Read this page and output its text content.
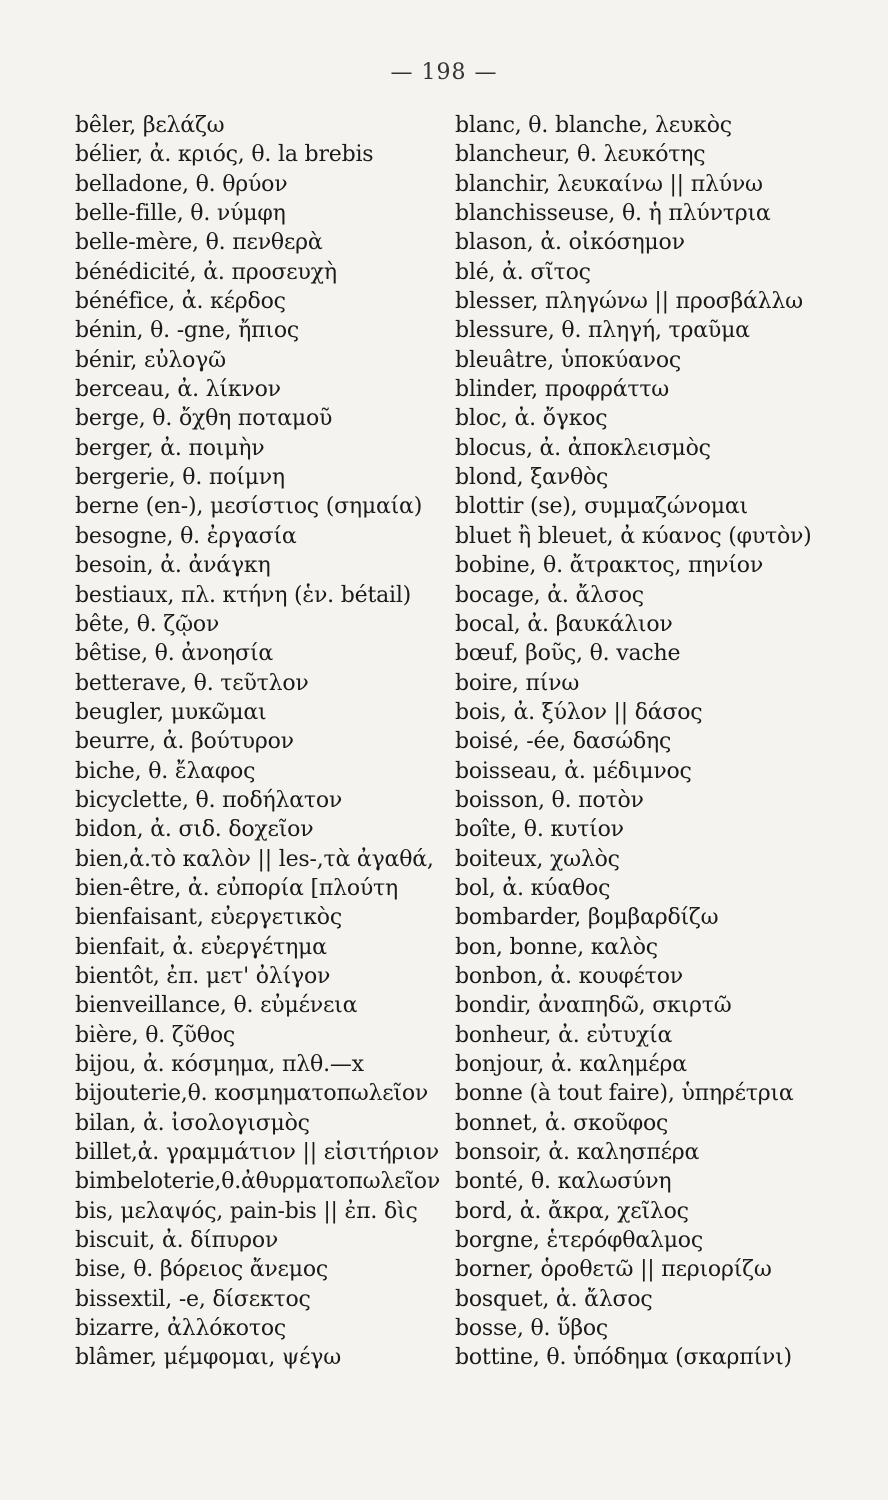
— 198 —
bêler, βελάζω
bélier, ἀ. κριός, θ. la brebis
belladone, θ. θρύον
belle-fille, θ. νύμφη
belle-mère, θ. πενθερὰ
bénédicité, ἀ. προσευχὴ
bénéfice, ἀ. κέρδος
bénin, θ. -gne, ἤπιος
bénir, εὐλογῶ
berceau, ἀ. λίκνον
berge, θ. ὄχθη ποταμοῦ
berger, ἀ. ποιμὴν
bergerie, θ. ποίμνη
berne (en-), μεσίστιος (σημαία)
besogne, θ. ἐργασία
besoin, ἀ. ἀνάγκη
bestiaux, πλ. κτήνη (ἑν. bétail)
bête, θ. ζῷον
bêtise, θ. ἀνοησία
betterave, θ. τεῦτλον
beugler, μυκῶμαι
beurre, ἀ. βούτυρον
biche, θ. ἔλαφος
bicyclette, θ. ποδήλατον
bidon, ἀ. σιδ. δοχεῖον
bien,ἀ.τὸ καλὸν || les-,τὰ ἀγαθά,
bien-être, ἀ. εὐπορία [πλούτη
bienfaisant, εὐεργετικὸς
bienfait, ἀ. εὐεργέτημα
bientôt, ἐπ. μετ' ὀλίγον
bienveillance, θ. εὐμένεια
bière, θ. ζῦθος
bijou, ἀ. κόσμημα, πλθ.—x
bijouterie,θ. κοσμηματοπωλεῖον
bilan, ἀ. ἰσολογισμὸς
billet,ἀ. γραμμάτιον || εἰσιτήριον
bimbeloterie,θ.ἀθυρματοπωλεῖον
bis, μελαψός, pain-bis || ἐπ. δὶς
biscuit, ἀ. δίπυρον
bise, θ. βόρειος ἄνεμος
bissextil, -e, δίσεκτος
bizarre, ἀλλόκοτος
blâmer, μέμφομαι, ψέγω
blanc, θ. blanche, λευκὸς
blancheur, θ. λευκότης
blanchir, λευκαίνω || πλύνω
blanchisseuse, θ. ἡ πλύντρια
blason, ἀ. οἰκόσημον
blé, ἀ. σῖτος
blesser, πληγώνω || προσβάλλω
blessure, θ. πληγή, τραῦμα
bleuâtre, ὑποκύανος
blinder, προφράττω
bloc, ἀ. ὄγκος
blocus, ἀ. ἀποκλεισμὸς
blond, ξανθὸς
blottir (se), συμμαζώνομαι
bluet ἢ bleuet, ἀ κύανος (φυτὸν)
bobine, θ. ἄτρακτος, πηνίον
bocage, ἀ. ἄλσος
bocal, ἀ. βαυκάλιον
bœuf, βοῦς, θ. vache
boire, πίνω
bois, ἀ. ξύλον || δάσος
boisé, -ée, δασώδης
boisseau, ἀ. μέδιμνος
boisson, θ. ποτὸν
boîte, θ. κυτίον
boiteux, χωλὸς
bol, ἀ. κύαθος
bombarder, βομβαρδίζω
bon, bonne, καλὸς
bonbon, ἀ. κουφέτον
bondir, ἀναπηδῶ, σκιρτῶ
bonheur, ἀ. εὐτυχία
bonjour, ἀ. καλημέρα
bonne (à tout faire), ὑπηρέτρια
bonnet, ἀ. σκοῦφος
bonsoir, ἀ. καλησπέρα
bonté, θ. καλωσύνη
bord, ἀ. ἄκρα, χεῖλος
borgne, ἑτερόφθαλμος
borner, ὁροθετῶ || περιορίζω
bosquet, ἀ. ἄλσος
bosse, θ. ὕβος
bottine, θ. ὑπόδημα (σκαρπίνι)
